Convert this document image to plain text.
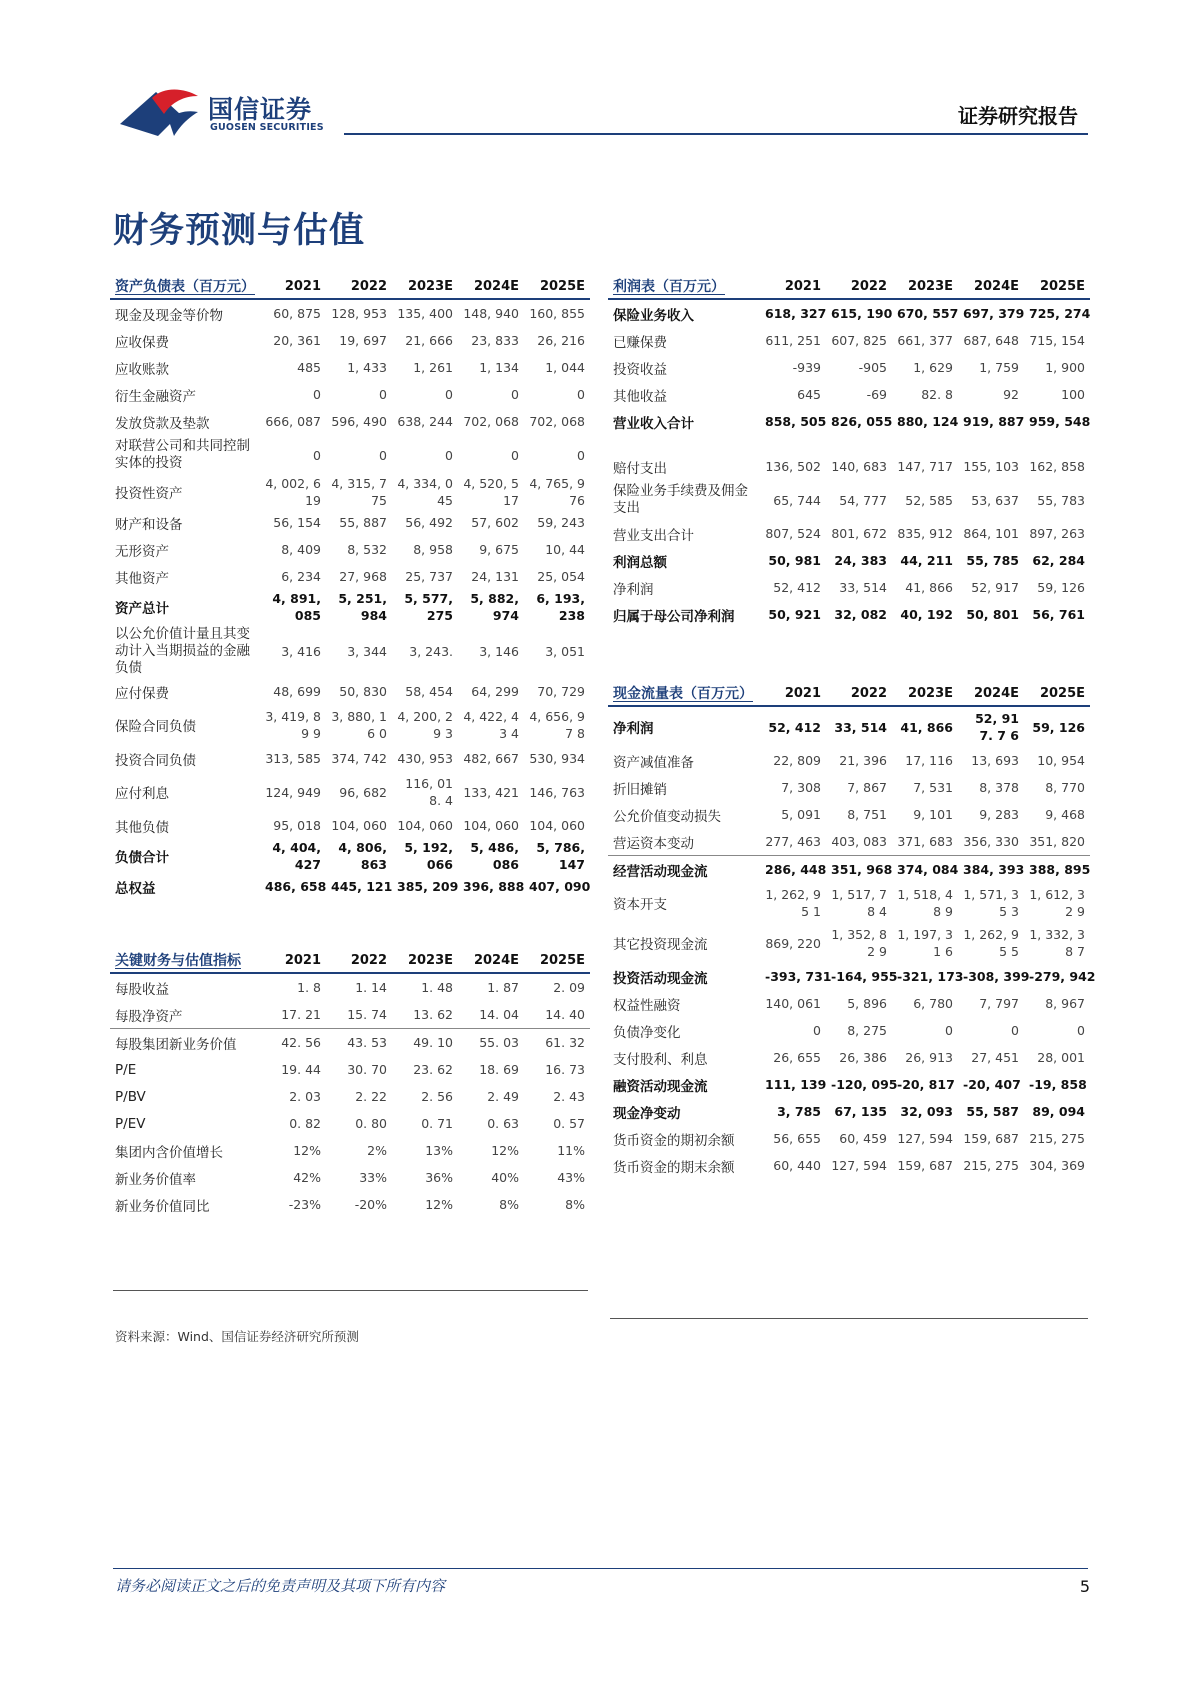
国信证券
GUOSEN SECURITIES	证券研究报告
财务预测与估值
资产负债表（百万元）	2021	2022	2023E	2024E	2025E
现金及现金等价物	60, 875	128, 953	135, 400	148, 940	160, 855
应收保费	20, 361	19, 697	21, 666	23, 833	26, 216
应收账款	485	1, 433	1, 261	1, 134	1, 044
衍生金融资产	0	0	0	0	0
发放贷款及垫款	666, 087	596, 490	638, 244	702, 068	702, 068
对联营公司和共同控制实体的投资	0	0	0	0	0
投资性资产	4, 002, 619	4, 315, 775	4, 334, 045	4, 520, 517	4, 765, 976
财产和设备	56, 154	55, 887	56, 492	57, 602	59, 243
无形资产	8, 409	8, 532	8, 958	9, 675	10, 44
其他资产	6, 234	27, 968	25, 737	24, 131	25, 054
资产总计	4, 891, 085	5, 251, 984	5, 577, 275	5, 882, 974	6, 193, 238
以公允价值计量且其变动计入当期损益的金融负债	3, 416	3, 344	3, 243.	3, 146	3, 051
应付保费	48, 699	50, 830	58, 454	64, 299	70, 729
保险合同负债	3, 419, 89 9	3, 880, 16 0	4, 200, 29 3	4, 422, 43 4	4, 656, 97 8
投资合同负债	313, 585	374, 742	430, 953	482, 667	530, 934
应付利息	124, 949	96, 682	116, 018. 4	133, 421	146, 763
其他负债	95, 018	104, 060	104, 060	104, 060	104, 060
负债合计	4, 404, 427	4, 806, 863	5, 192, 066	5, 486, 086	5, 786, 147
总权益	486, 658	445, 121	385, 209	396, 888	407, 090
关键财务与估值指标	2021	2022	2023E	2024E	2025E
每股收益	1. 8	1. 14	1. 48	1. 87	2. 09
每股净资产	17. 21	15. 74	13. 62	14. 04	14. 40
每股集团新业务价值	42. 56	43. 53	49. 10	55. 03	61. 32
P/E	19. 44	30. 70	23. 62	18. 69	16. 73
P/BV	2. 03	2. 22	2. 56	2. 49	2. 43
P/EV	0. 82	0. 80	0. 71	0. 63	0. 57
集团内含价值增长	12%	2%	13%	12%	11%
新业务价值率	42%	33%	36%	40%	43%
新业务价值同比	-23%	-20%	12%	8%	8%
利润表（百万元）	2021	2022	2023E	2024E	2025E
保险业务收入	618, 327	615, 190	670, 557	697, 379	725, 274
已赚保费	611, 251	607, 825	661, 377	687, 648	715, 154
投资收益	-939	-905	1, 629	1, 759	1, 900
其他收益	645	-69	82. 8	92	100
营业收入合计	858, 505	826, 055	880, 124	919, 887	959, 548

赔付支出	136, 502	140, 683	147, 717	155, 103	162, 858
保险业务手续费及佣金支出	65, 744	54, 777	52, 585	53, 637	55, 783
营业支出合计	807, 524	801, 672	835, 912	864, 101	897, 263
利润总额	50, 981	24, 383	44, 211	55, 785	62, 284
净利润	52, 412	33, 514	41, 866	52, 917	59, 126
归属于母公司净利润	50, 921	32, 082	40, 192	50, 801	56, 761
现金流量表（百万元）	2021	2022	2023E	2024E	2025E
净利润	52, 412	33, 514	41, 866	52, 917. 7 6	59, 126
资产减值准备	22, 809	21, 396	17, 116	13, 693	10, 954
折旧摊销	7, 308	7, 867	7, 531	8, 378	8, 770
公允价值变动损失	5, 091	8, 751	9, 101	9, 283	9, 468
营运资本变动	277, 463	403, 083	371, 683	356, 330	351, 820
经营活动现金流	286, 448	351, 968	374, 084	384, 393	388, 895
资本开支	1, 262, 95 1	1, 517, 78 4	1, 518, 48 9	1, 571, 35 3	1, 612, 32 9
其它投资现金流	869, 220	1, 352, 82 9	1, 197, 31 6	1, 262, 95 5	1, 332, 38 7
投资活动现金流	-393, 731	-164, 955	-321, 173	-308, 399	-279, 942
权益性融资	140, 061	5, 896	6, 780	7, 797	8, 967
负债净变化	0	8, 275	0	0	0
支付股利、利息	26, 655	26, 386	26, 913	27, 451	28, 001
融资活动现金流	111, 139	-120, 095	-20, 817	-20, 407	-19, 858
现金净变动	3, 785	67, 135	32, 093	55, 587	89, 094
货币资金的期初余额	56, 655	60, 459	127, 594	159, 687	215, 275
货币资金的期末余额	60, 440	127, 594	159, 687	215, 275	304, 369
资料来源：Wind、国信证券经济研究所预测
请务必阅读正文之后的免责声明及其项下所有内容	5
